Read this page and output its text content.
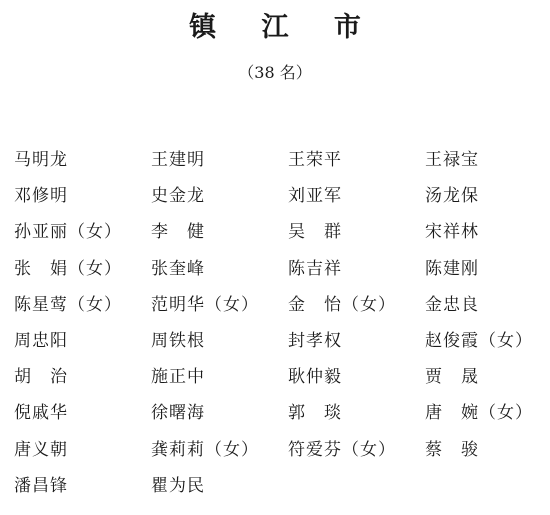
镇 江 市
（38 名）
马明龙	王建明	王荣平	王禄宝
邓修明	史金龙	刘亚军	汤龙保
孙亚丽（女）	李　健	吴　群	宋祥林
张　娟（女）	张奎峰	陈吉祥	陈建刚
陈星莺（女）	范明华（女）	金　怡（女）	金忠良
周忠阳	周铁根	封孝权	赵俊霞（女）
胡　治	施正中	耿仲毅	贾　晟
倪戚华	徐曙海	郭　琰	唐　婉（女）
唐义朝	龚莉莉（女）	符爱芬（女）	蔡　骏
潘昌锋	瞿为民
